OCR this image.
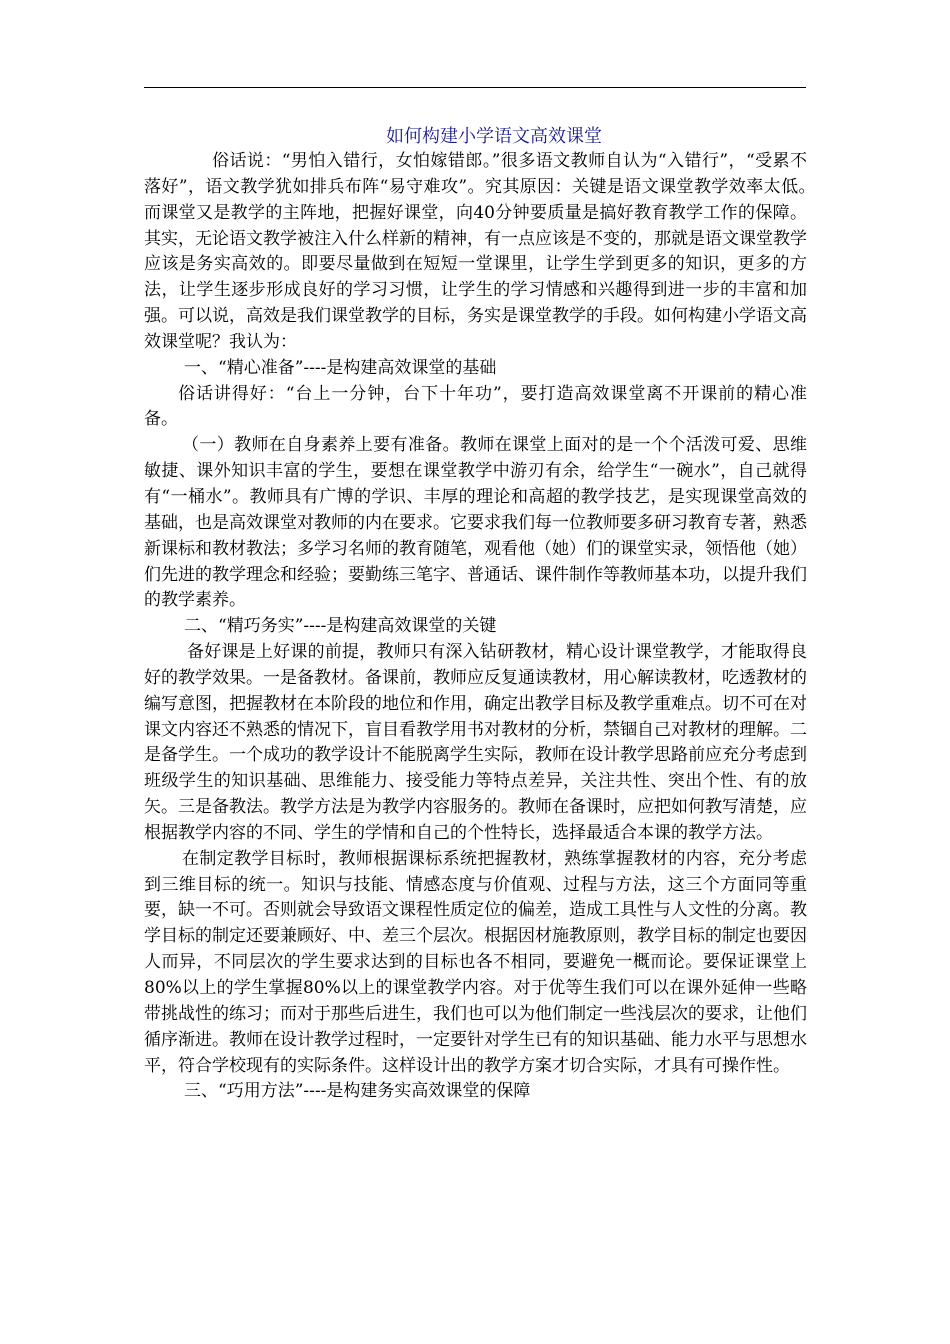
如何构建小学语文高效课堂

俗话说：“男怕入错行，女怕嫁错郎。”很多语文教师自认为“入错行”，“受累不落好”，语文教学犹如排兵布阵“易守难攻”。究其原因：关键是语文课堂教学效率太低。　 而课堂又是教学的主阵地，把握好课堂，向40分钟要质量是搞好教育教学工作的保障。其实，无论语文教学被注入什么样新的精神，有一点应该是不变的，那就是语文课堂教学应该是务实高效的。即要尽量做到在短短一堂课里，让学生学到更多的知识，更多的方法，让学生逐步形成良好的学习习惯，让学生的学习情感和兴趣得到进一步的丰富和加强。可以说，高效是我们课堂教学的目标，务实是课堂教学的手段。如何构建小学语文高效课堂呢？我认为：

一、“精心准备”----是构建高效课堂的基础

俗话讲得好：“台上一分钟，台下十年功”，要打造高效课堂离不开课前的精心准备。

（一）教师在自身素养上要有准备。教师在课堂上面对的是一个个活泼可爱、思维敏捷、课外知识丰富的学生，要想在课堂教学中游刃有余，给学生“一碗水”，自己就得有“一桶水”。教师具有广博的学识、丰厚的理论和高超的教学技艺，是实现课堂高效的基础，也是高效课堂对教师的内在要求。它要求我们每一位教师要多研习教育专著，熟悉新课标和教材教法；多学习名师的教育随笔，观看他（她）们的课堂实录，领悟他（她）们先进的教学理念和经验；要勤练三笔字、普通话、课件制作等教师基本功，以提升我们的教学素养。

二、“精巧务实”----是构建高效课堂的关键

备好课是上好课的前提，教师只有深入钻研教材，精心设计课堂教学，才能取得良好的教学效果。一是备教材。备课前，教师应反复通读教材，用心解读教材，吃透教材的编写意图，把握教材在本阶段的地位和作用，确定出教学目标及教学重难点。切不可在对课文内容还不熟悉的情况下，盲目看教学用书对教材的分析，禁锢自己对教材的理解。二是备学生。一个成功的教学设计不能脱离学生实际，教师在设计教学思路前应充分考虑到班级学生的知识基础、思维能力、接受能力等特点差异，关注共性、突出个性、有的放矢。三是备教法。教学方法是为教学内容服务的。教师在备课时，应把如何教写清楚，应根据教学内容的不同、学生的学情和自己的个性特长，选择最适合本课的教学方法。

在制定教学目标时，教师根据课标系统把握教材，熟练掌握教材的内容，充分考虑到三维目标的统一。知识与技能、情感态度与价值观、过程与方法，这三个方面同等重要，缺一不可。否则就会导致语文课程性质定位的偏差，造成工具性与人文性的分离。教学目标的制定还要兼顾好、中、差三个层次。根据因材施教原则，教学目标的制定也要因人而异，不同层次的学生要求达到的目标也各不相同，要避免一概而论。要保证课堂上80%以上的学生掌握80%以上的课堂教学内容。对于优等生我们可以在课外延伸一些略带挑战性的练习；而对于那些后进生，我们也可以为他们制定一些浅层次的要求，让他们循序渐进。教师在设计教学过程时，一定要针对学生已有的知识基础、能力水平与思想水平，符合学校现有的实际条件。这样设计出的教学方案才切合实际，才具有可操作性。

三、“巧用方法”----是构建务实高效课堂的保障
